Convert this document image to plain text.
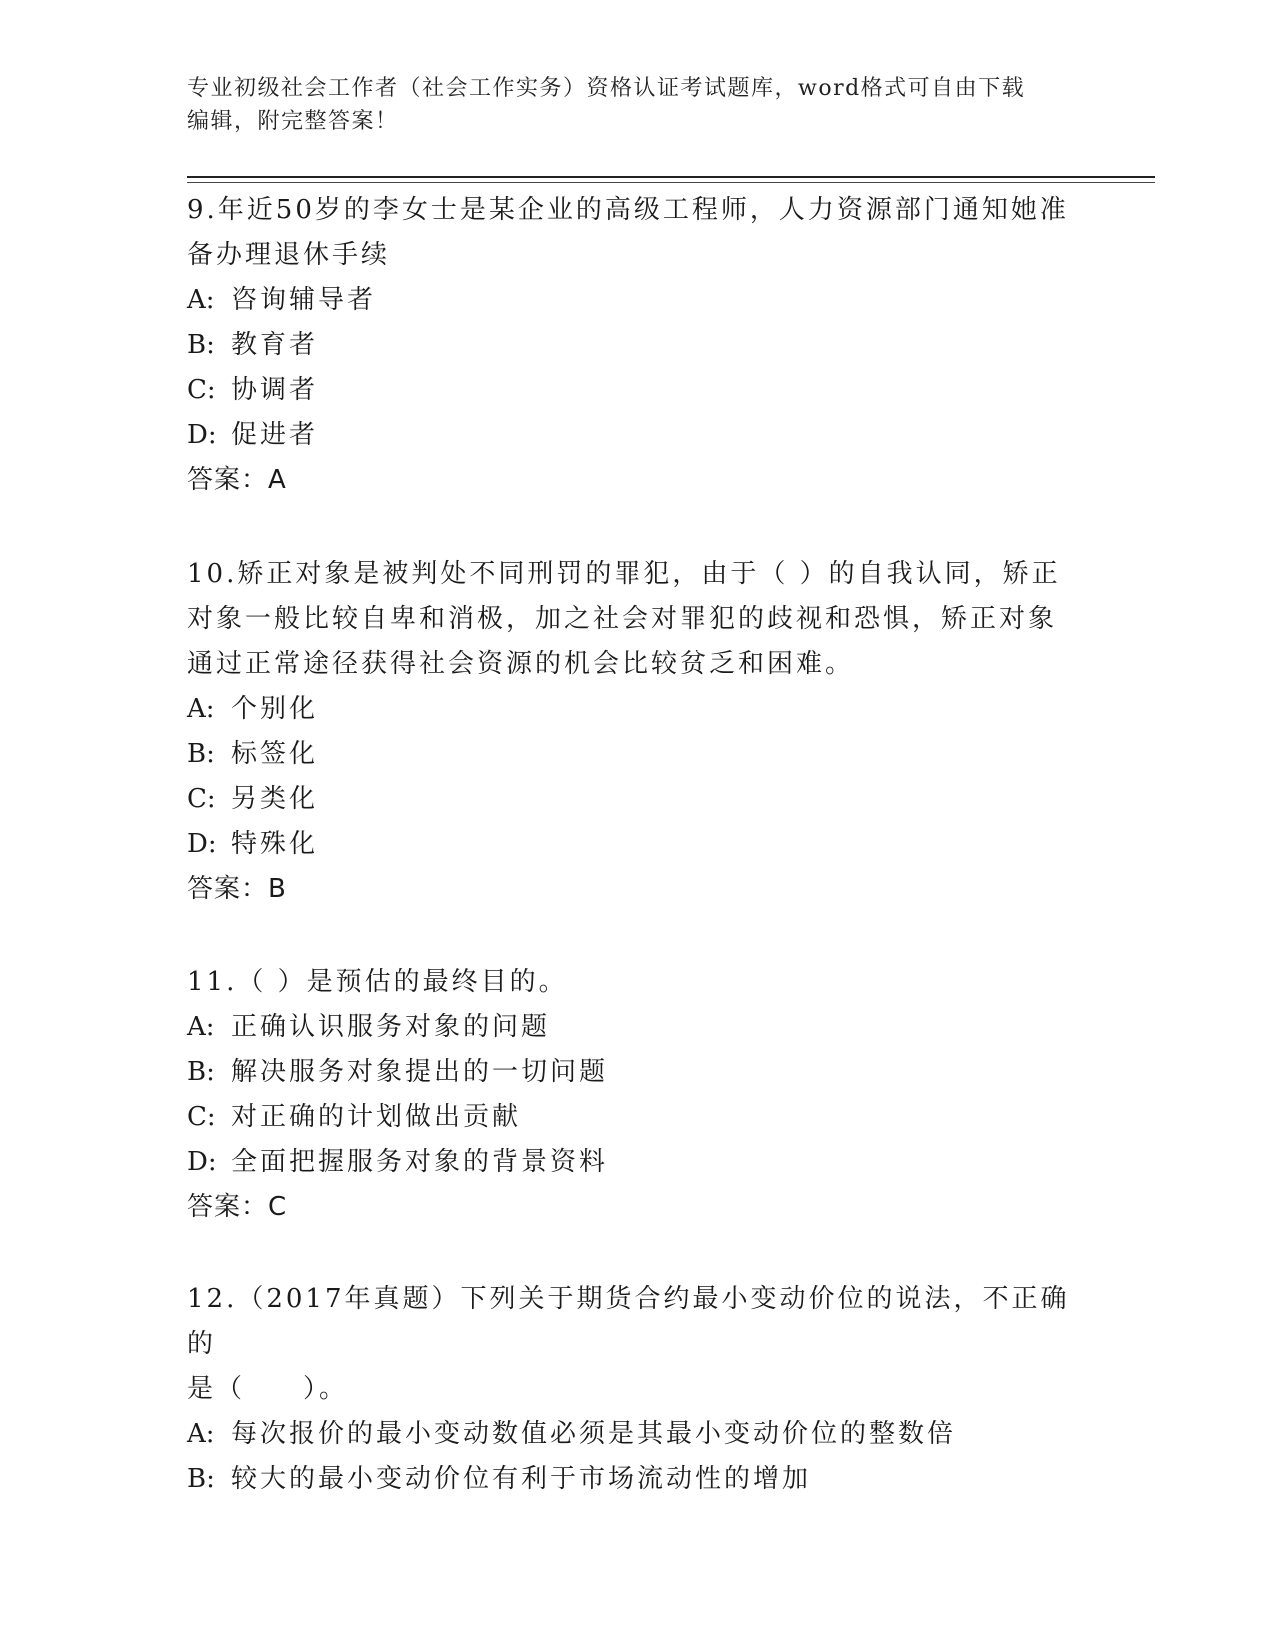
专业初级社会工作者（社会工作实务）资格认证考试题库，word格式可自由下载
编辑，附完整答案！

9.年近50岁的李女士是某企业的高级工程师，人力资源部门通知她准

备办理退休手续

A: 咨询辅导者

B: 教育者

C: 协调者

D: 促进者

答案：A

10.矫正对象是被判处不同刑罚的罪犯，由于（ ）的自我认同，矫正

对象一般比较自卑和消极，加之社会对罪犯的歧视和恐惧，矫正对象

通过正常途径获得社会资源的机会比较贫乏和困难。

A: 个别化

B: 标签化

C: 另类化

D: 特殊化

答案：B

11.（ ）是预估的最终目的。

A: 正确认识服务对象的问题

B: 解决服务对象提出的一切问题

C: 对正确的计划做出贡献

D: 全面把握服务对象的背景资料

答案：C

12.（2017年真题）下列关于期货合约最小变动价位的说法，不正确的

是（　　）。

A: 每次报价的最小变动数值必须是其最小变动价位的整数倍

B: 较大的最小变动价位有利于市场流动性的增加
